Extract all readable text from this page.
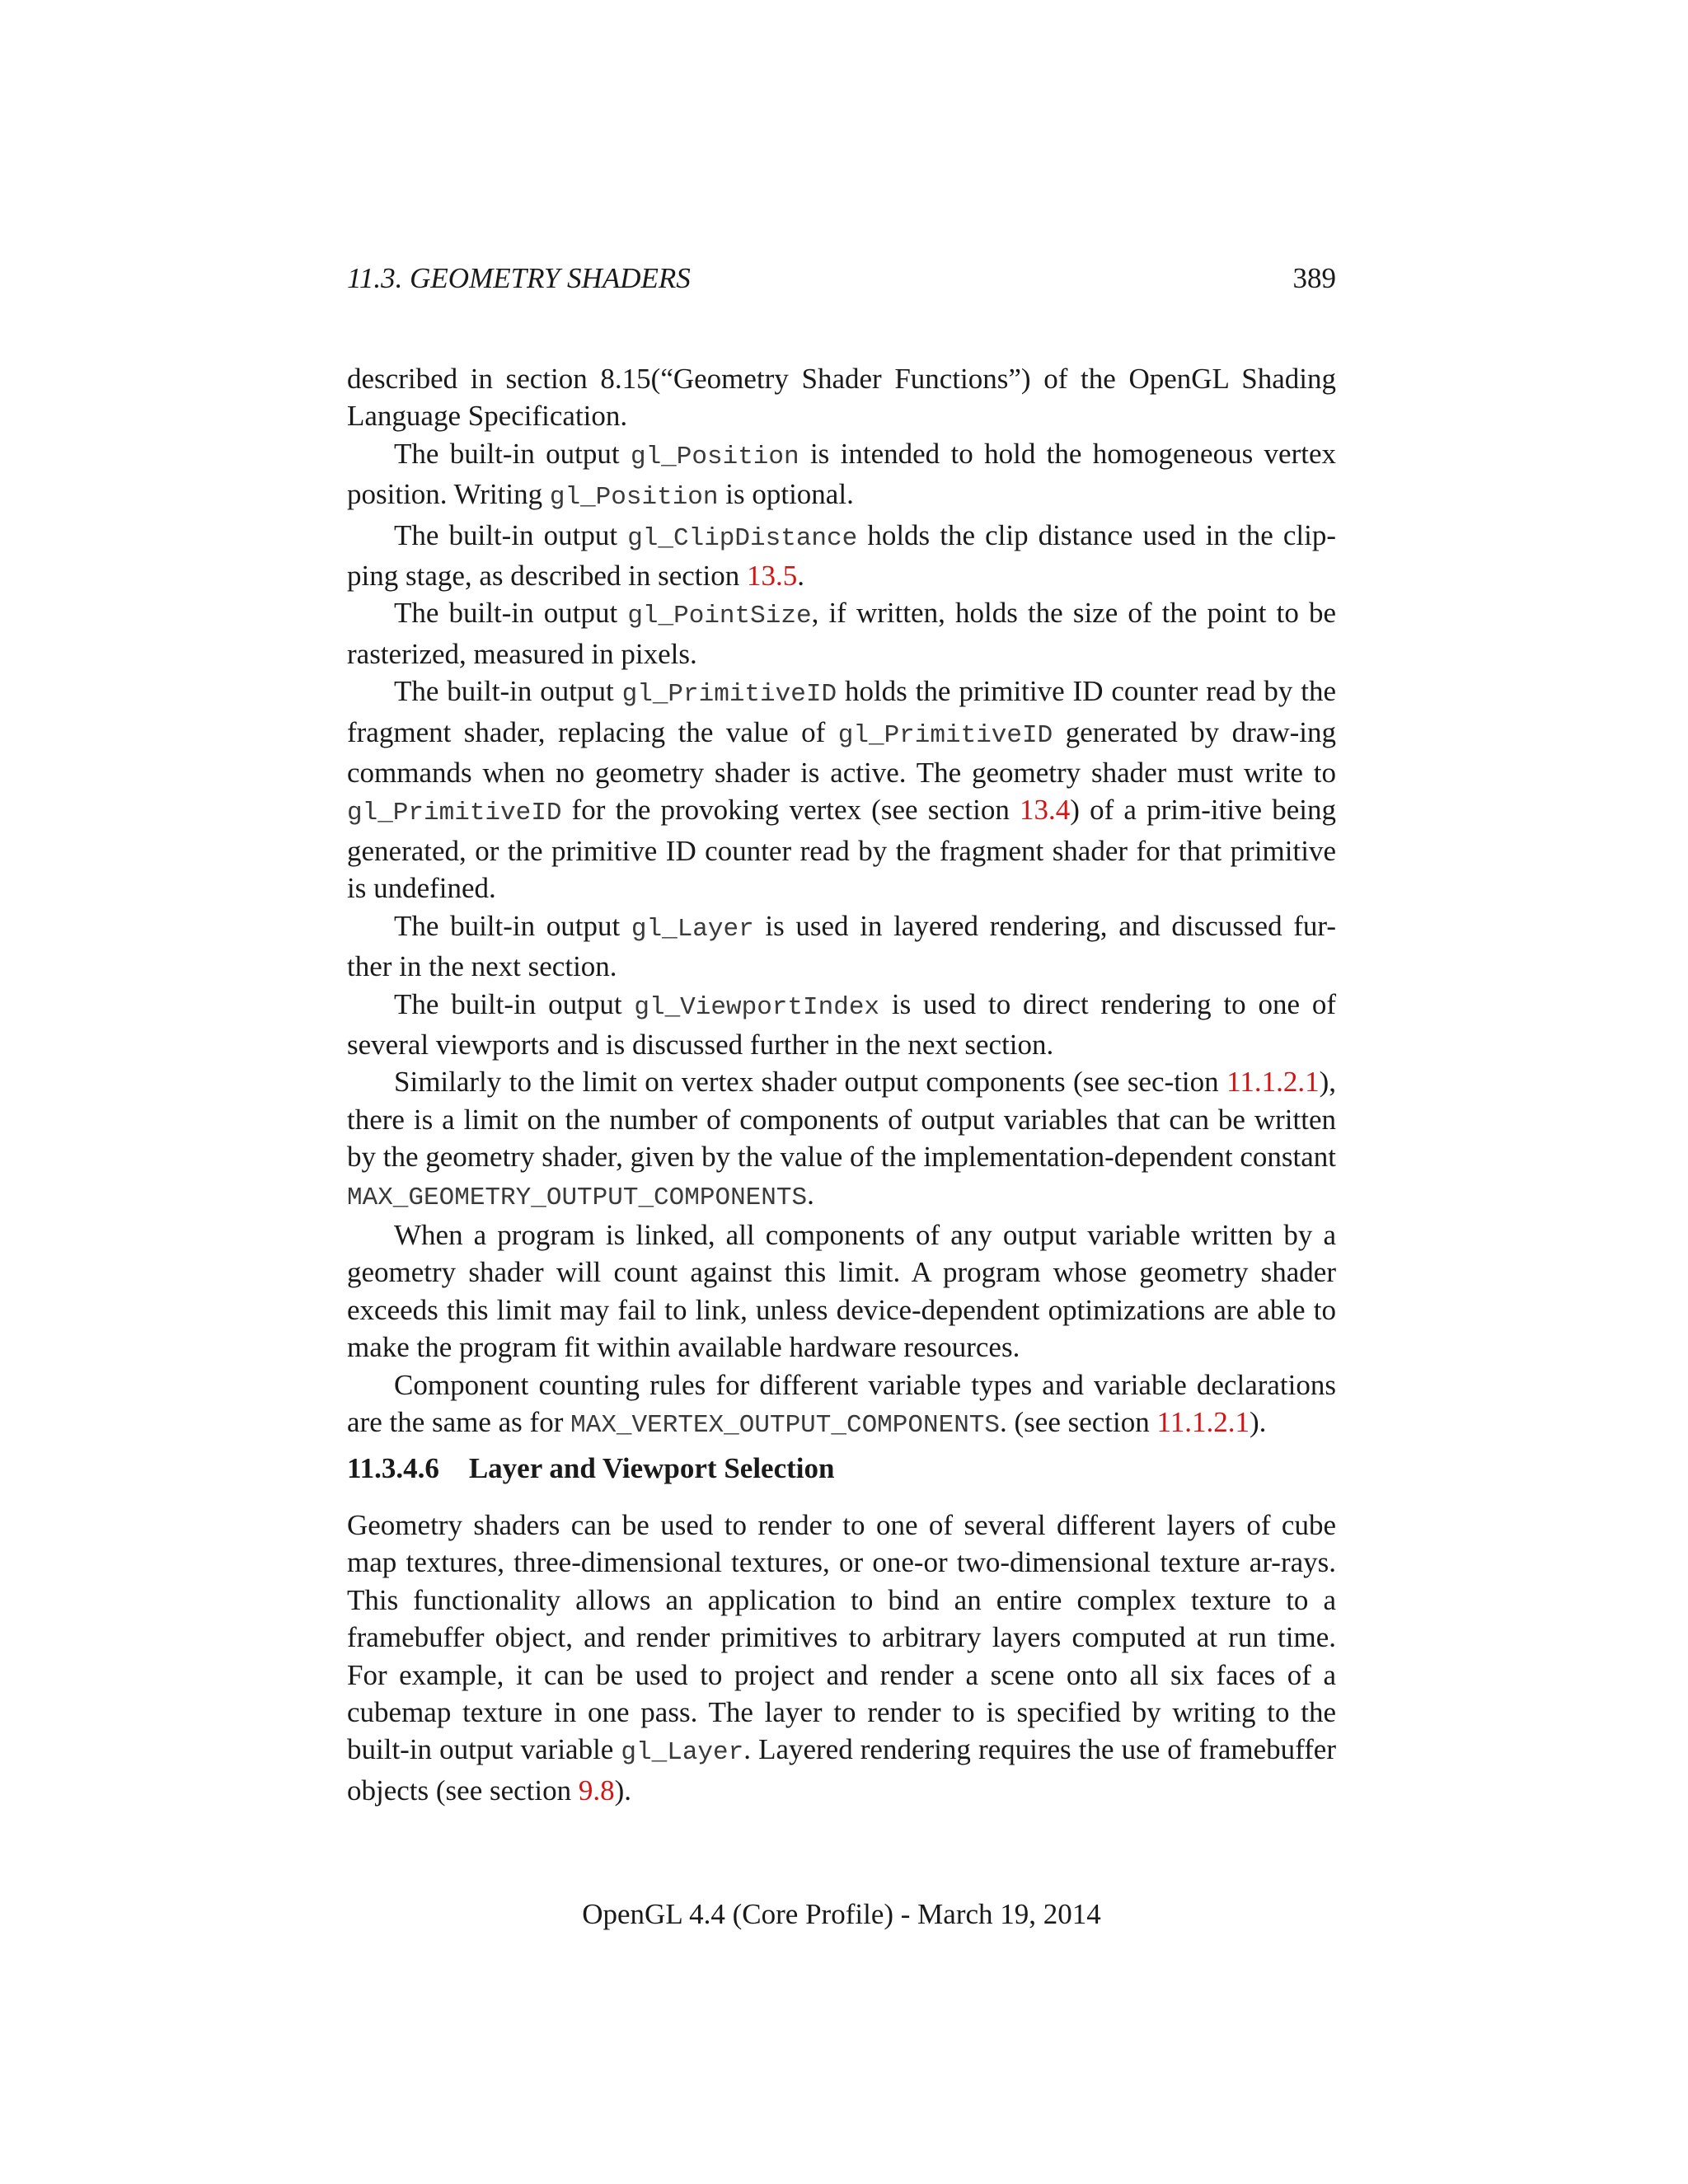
11.3. GEOMETRY SHADERS	389

described in section 8.15(“Geometry Shader Functions”) of the OpenGL Shading Language Specification.

The built-in output gl_Position is intended to hold the homogeneous vertex position. Writing gl_Position is optional.

The built-in output gl_ClipDistance holds the clip distance used in the clip-ping stage, as described in section 13.5.

The built-in output gl_PointSize, if written, holds the size of the point to be rasterized, measured in pixels.

The built-in output gl_PrimitiveID holds the primitive ID counter read by the fragment shader, replacing the value of gl_PrimitiveID generated by draw-ing commands when no geometry shader is active. The geometry shader must write to gl_PrimitiveID for the provoking vertex (see section 13.4) of a prim-itive being generated, or the primitive ID counter read by the fragment shader for that primitive is undefined.

The built-in output gl_Layer is used in layered rendering, and discussed fur-ther in the next section.

The built-in output gl_ViewportIndex is used to direct rendering to one of several viewports and is discussed further in the next section.

Similarly to the limit on vertex shader output components (see sec-tion 11.1.2.1), there is a limit on the number of components of output variables that can be written by the geometry shader, given by the value of the implementation-dependent constant MAX_GEOMETRY_OUTPUT_COMPONENTS.

When a program is linked, all components of any output variable written by a geometry shader will count against this limit. A program whose geometry shader exceeds this limit may fail to link, unless device-dependent optimizations are able to make the program fit within available hardware resources.

Component counting rules for different variable types and variable declarations are the same as for MAX_VERTEX_OUTPUT_COMPONENTS. (see section 11.1.2.1).

11.3.4.6 Layer and Viewport Selection

Geometry shaders can be used to render to one of several different layers of cube map textures, three-dimensional textures, or one-or two-dimensional texture ar-rays. This functionality allows an application to bind an entire complex texture to a framebuffer object, and render primitives to arbitrary layers computed at run time. For example, it can be used to project and render a scene onto all six faces of a cubemap texture in one pass. The layer to render to is specified by writing to the built-in output variable gl_Layer. Layered rendering requires the use of framebuffer objects (see section 9.8).

OpenGL 4.4 (Core Profile) - March 19, 2014
